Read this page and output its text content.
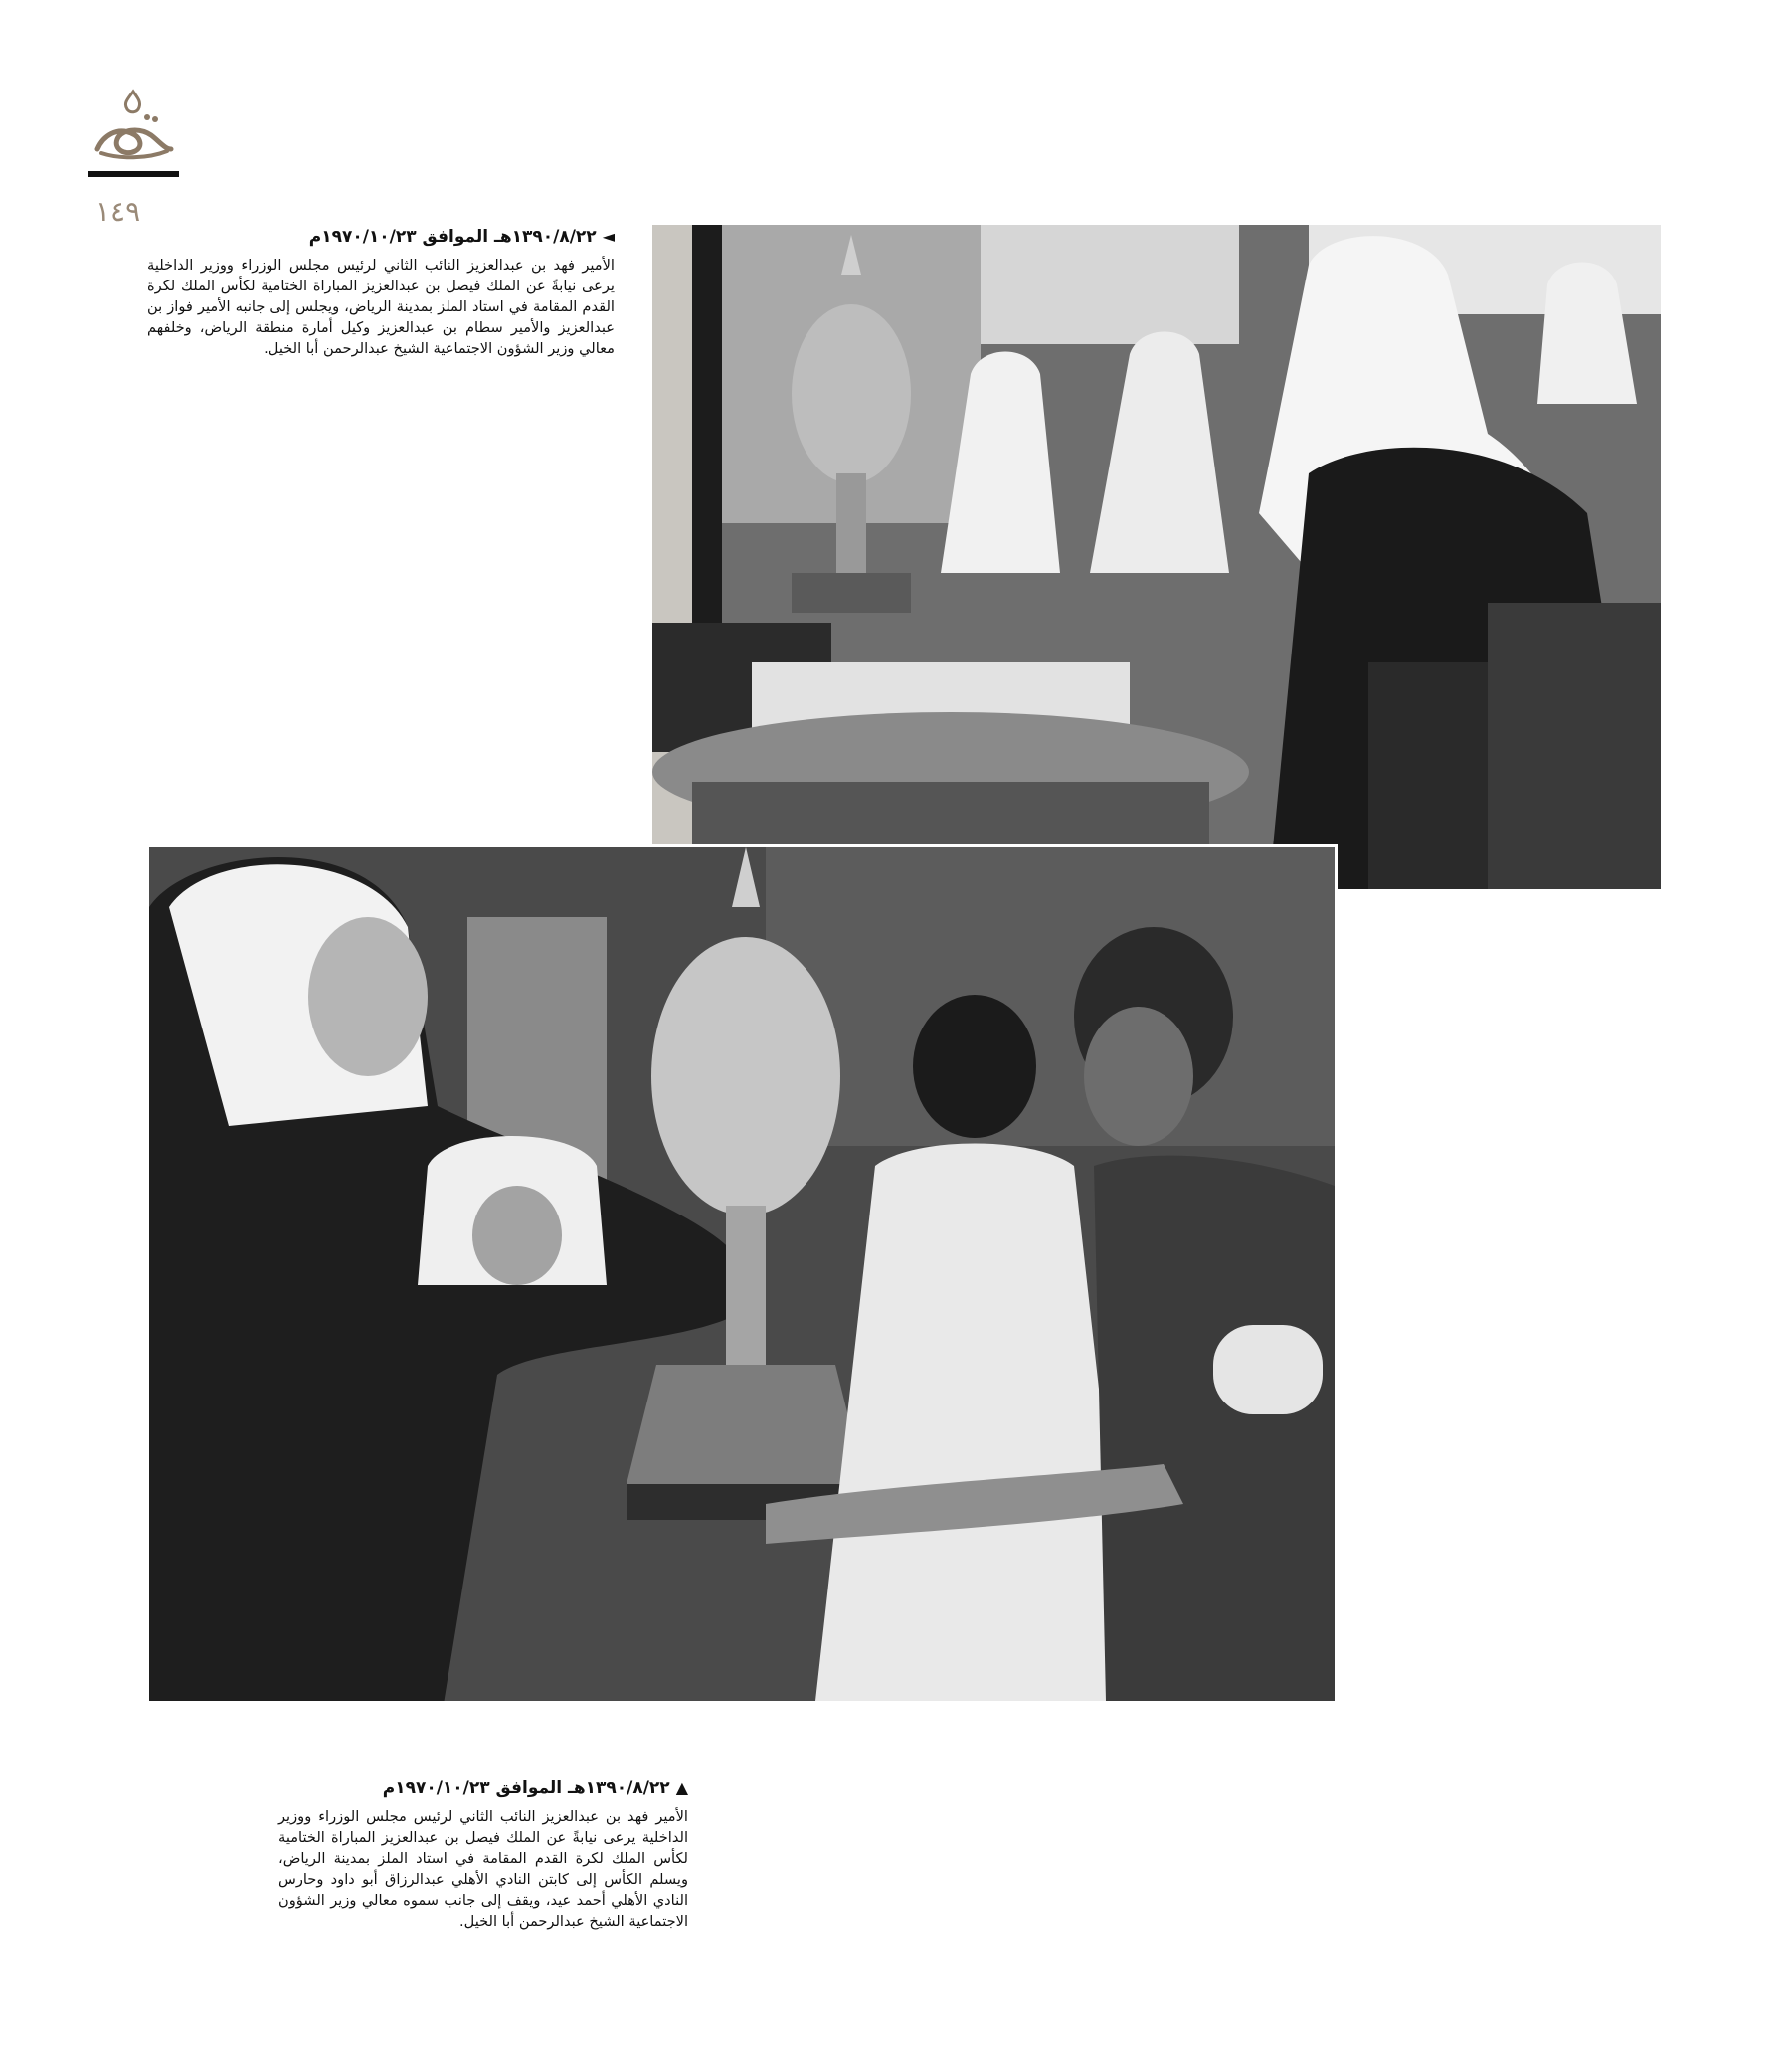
١٤٩
◄١٣٩٠/٨/٢٢هـ الموافق ١٩٧٠/١٠/٢٣م

الأمير فهد بن عبدالعزيز النائب الثاني لرئيس مجلس الوزراء ووزير الداخلية يرعى نيابةً عن الملك فيصل بن عبدالعزيز المباراة الختامية لكأس الملك لكرة القدم المقامة في استاد الملز بمدينة الرياض، ويجلس إلى جانبه الأمير فواز بن عبدالعزيز والأمير سطام بن عبدالعزيز وكيل أمارة منطقة الرياض، وخلفهم معالي وزير الشؤون الاجتماعية الشيخ عبدالرحمن أبا الخيل.

▲١٣٩٠/٨/٢٢هـ الموافق ١٩٧٠/١٠/٢٣م

الأمير فهد بن عبدالعزيز النائب الثاني لرئيس مجلس الوزراء ووزير الداخلية يرعى نيابةً عن الملك فيصل بن عبدالعزيز المباراة الختامية لكأس الملك لكرة القدم المقامة في استاد الملز بمدينة الرياض، ويسلم الكأس إلى كابتن النادي الأهلي عبدالرزاق أبو داود وحارس النادي الأهلي أحمد عيد، ويقف إلى جانب سموه معالي وزير الشؤون الاجتماعية الشيخ عبدالرحمن أبا الخيل.
